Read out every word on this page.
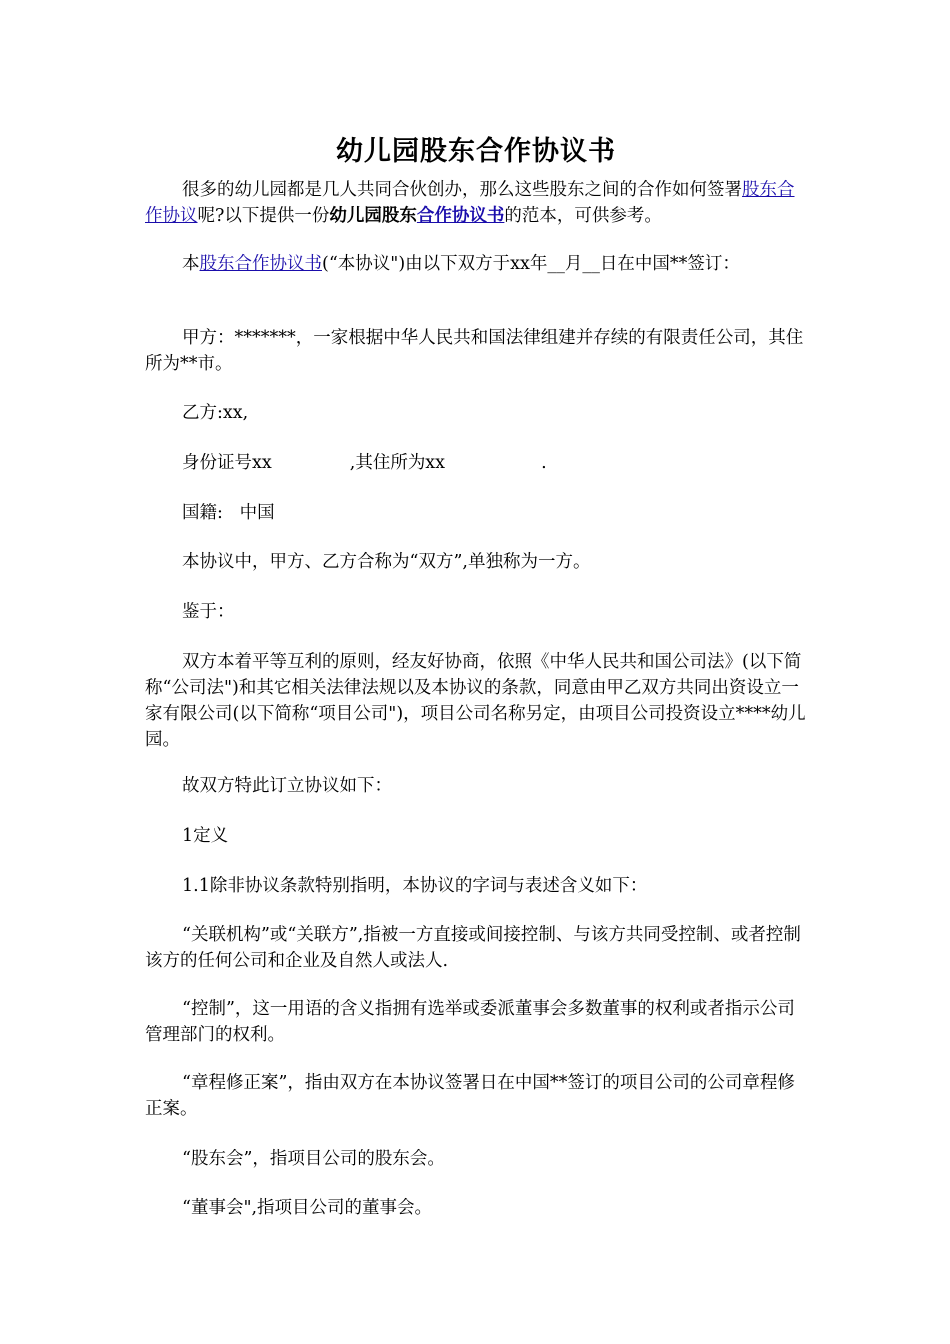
幼儿园股东合作协议书

很多的幼儿园都是几人共同合伙创办，那么这些股东之间的合作如何签署股东合作协议呢?以下提供一份幼儿园股东合作协议书的范本，可供参考。

本股东合作协议书(“本协议")由以下双方于xx年__月__日在中国**签订：

甲方：*******，一家根据中华人民共和国法律组建并存续的有限责任公司，其住所为**市。

乙方:xx,

身份证号xx	,其住所为xx	.

国籍:   中国

本协议中，甲方、乙方合称为“双方”,单独称为一方。

鉴于：

双方本着平等互利的原则，经友好协商，依照《中华人民共和国公司法》(以下简称“公司法")和其它相关法律法规以及本协议的条款，同意由甲乙双方共同出资设立一家有限公司(以下简称“项目公司")，项目公司名称另定，由项目公司投资设立****幼儿园。

故双方特此订立协议如下：

1定义

1.1除非协议条款特别指明，本协议的字词与表述含义如下：

“关联机构”或“关联方”,指被一方直接或间接控制、与该方共同受控制、或者控制该方的任何公司和企业及自然人或法人.

“控制”，这一用语的含义指拥有选举或委派董事会多数董事的权利或者指示公司管理部门的权利。

“章程修正案”，指由双方在本协议签署日在中国**签订的项目公司的公司章程修正案。

“股东会”，指项目公司的股东会。

“董事会",指项目公司的董事会。
